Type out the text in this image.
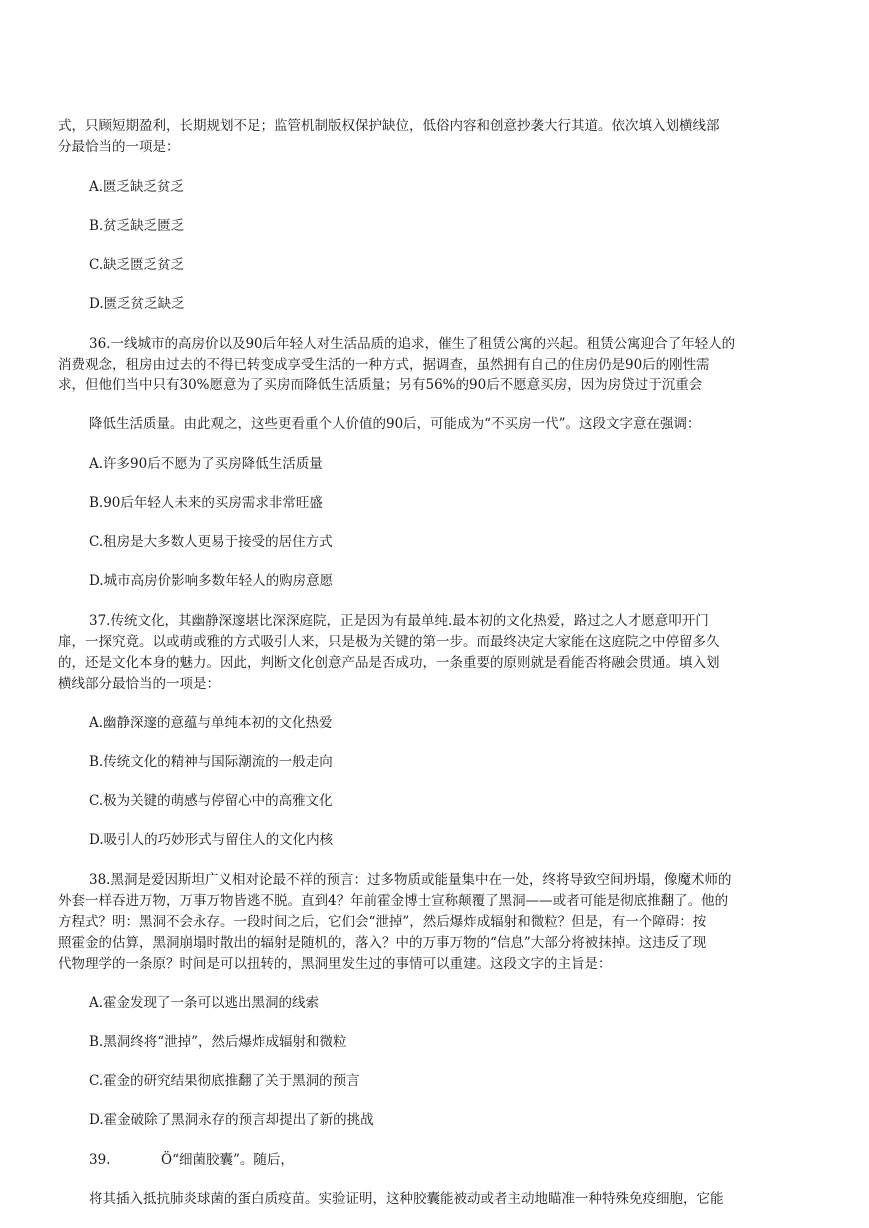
式，只顾短期盈利，长期规划不足；监管机制版权保护缺位，低俗内容和创意抄袭大行其道。依次填入划横线部

分最恰当的一项是：

A.匮乏缺乏贫乏

B.贫乏缺乏匮乏

C.缺乏匮乏贫乏

D.匮乏贫乏缺乏

36.一线城市的高房价以及90后年轻人对生活品质的追求，催生了租赁公寓的兴起。租赁公寓迎合了年轻人的

消费观念，租房由过去的不得已转变成享受生活的一种方式，据调查，虽然拥有自己的住房仍是90后的刚性需

求，但他们当中只有30%愿意为了买房而降低生活质量；另有56%的90后不愿意买房，因为房贷过于沉重会

降低生活质量。由此观之，这些更看重个人价值的90后，可能成为“不买房一代”。这段文字意在强调：

A.许多90后不愿为了买房降低生活质量

B.90后年轻人未来的买房需求非常旺盛

C.租房是大多数人更易于接受的居住方式

D.城市高房价影响多数年轻人的购房意愿

37.传统文化，其幽静深邃堪比深深庭院，正是因为有最单纯.最本初的文化热爱，路过之人才愿意叩开门

扉，一探究竟。以或萌或雅的方式吸引人来，只是极为关键的第一步。而最终决定大家能在这庭院之中停留多久

的，还是文化本身的魅力。因此，判断文化创意产品是否成功，一条重要的原则就是看能否将融会贯通。填入划

横线部分最恰当的一项是：

A.幽静深邃的意蕴与单纯本初的文化热爱

B.传统文化的精神与国际潮流的一般走向

C.极为关键的萌感与停留心中的高雅文化

D.吸引人的巧妙形式与留住人的文化内核

38.黑洞是爱因斯坦广义相对论最不祥的预言：过多物质或能量集中在一处，终将导致空间坍塌，像魔术师的

外套一样吞进万物，万事万物皆逃不脱。直到4？年前霍金博士宣称颠覆了黑洞——或者可能是彻底推翻了。他的

方程式？明：黑洞不会永存。一段时间之后，它们会“泄掉”，然后爆炸成辐射和微粒？但是，有一个障碍：按

照霍金的估算，黑洞崩塌时散出的辐射是随机的，落入？中的万事万物的“信息”大部分将被抹掉。这违反了现

代物理学的一条原？时间是可以扭转的，黑洞里发生过的事情可以重建。这段文字的主旨是：

A.霍金发现了一条可以逃出黑洞的线索

B.黑洞终将“泄掉”，然后爆炸成辐射和微粒

C.霍金的研究结果彻底推翻了关于黑洞的预言

D.霍金破除了黑洞永存的预言却提出了新的挑战

39.	Ö“细菌胶囊”。随后，

将其插入抵抗肺炎球菌的蛋白质疫苗。实验证明，这种胶囊能被动或者主动地瞄准一种特殊免疫细胞，它能
